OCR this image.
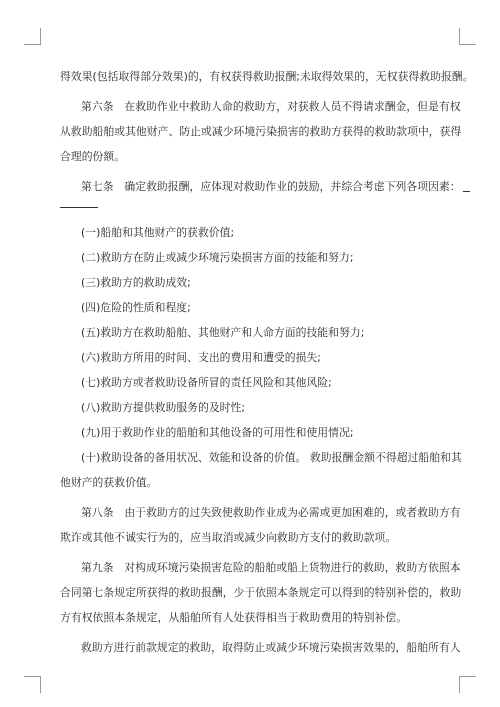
得效果(包括取得部分效果)的，有权获得救助报酬;未取得效果的，无权获得救助报酬。
第六条　在救助作业中救助人命的救助方，对获救人员不得请求酬金，但是有权
从救助船舶或其他财产、防止或减少环境污染损害的救助方获得的救助款项中，获得
合理的份额。
第七条　确定救助报酬，应体现对救助作业的鼓励，并综合考虑下列各项因素：
(一)船舶和其他财产的获救价值;
(二)救助方在防止或减少环境污染损害方面的技能和努力;
(三)救助方的救助成效;
(四)危险的性质和程度;
(五)救助方在救助船舶、其他财产和人命方面的技能和努力;
(六)救助方所用的时间、支出的费用和遭受的损失;
(七)救助方或者救助设备所冒的责任风险和其他风险;
(八)救助方提供救助服务的及时性;
(九)用于救助作业的船舶和其他设备的可用性和使用情况;
(十)救助设备的备用状况、效能和设备的价值。 救助报酬金额不得超过船舶和其
他财产的获救价值。
第八条　由于救助方的过失致使救助作业成为必需或更加困难的，或者救助方有
欺诈或其他不诚实行为的，应当取消或减少向救助方支付的救助款项。
第九条　对构成环境污染损害危险的船舶或船上货物进行的救助，救助方依照本
合同第七条规定所获得的救助报酬，少于依照本条规定可以得到的特别补偿的，救助
方有权依照本条规定，从船舶所有人处获得相当于救助费用的特别补偿。
救助方进行前款规定的救助，取得防止或减少环境污染损害效果的，船舶所有人
